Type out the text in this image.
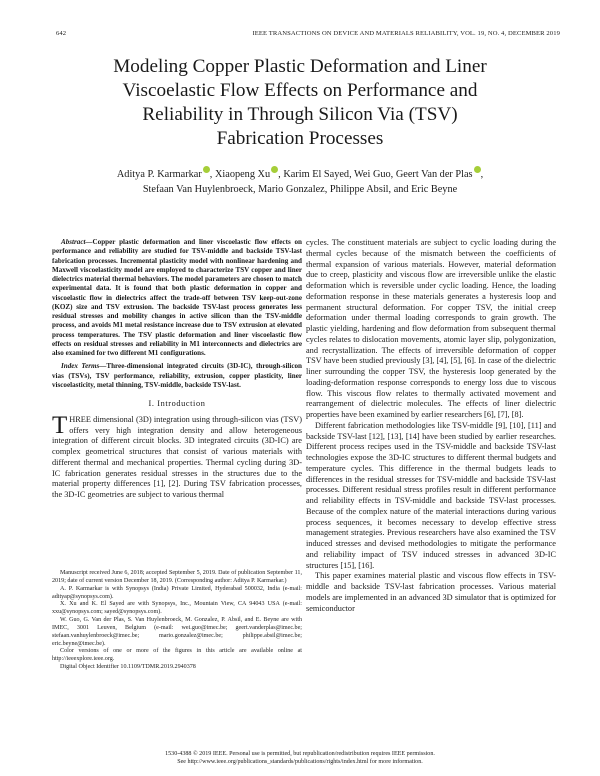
642	IEEE TRANSACTIONS ON DEVICE AND MATERIALS RELIABILITY, VOL. 19, NO. 4, DECEMBER 2019
Modeling Copper Plastic Deformation and Liner
Viscoelastic Flow Effects on Performance and
Reliability in Through Silicon Via (TSV)
Fabrication Processes
Aditya P. Karmarkar , Xiaopeng Xu , Karim El Sayed, Wei Guo, Geert Van der Plas ,
Stefaan Van Huylenbroeck, Mario Gonzalez, Philippe Absil, and Eric Beyne

Abstract—Copper plastic deformation and liner viscoelastic flow effects on performance and reliability are studied for TSV-middle and backside TSV-last fabrication processes. Incremental plasticity model with nonlinear hardening and Maxwell viscoelasticity model are employed to characterize TSV copper and liner dielectrics material thermal behaviors. The model parameters are chosen to match experimental data. It is found that both plastic deformation in copper and viscoelastic flow in dielectrics affect the trade-off between TSV keep-out-zone (KOZ) size and TSV extrusion. The backside TSV-last process generates less residual stresses and mobility changes in active silicon than the TSV-middle process, and avoids M1 metal resistance increase due to TSV extrusion at elevated process temperatures. The TSV plastic deformation and liner viscoelastic flow effects on residual stresses and reliability in M1 interconnects and dielectrics are also examined for two different M1 configurations.

Index Terms—Three-dimensional integrated circuits (3D-IC), through-silicon vias (TSVs), TSV performance, reliability, extrusion, copper plasticity, liner viscoelasticity, metal thinning, TSV-middle, backside TSV-last.

I. Introduction

THREE dimensional (3D) integration using through-silicon vias (TSV) offers very high integration density and allow heterogeneous integration of different circuit blocks. 3D integrated circuits (3D-IC) are complex geometrical structures that consist of various materials with different thermal and mechanical properties. Thermal cycling during 3D-IC fabrication generates residual stresses in the structures due to the material property differences [1], [2]. During TSV fabrication processes, the 3D-IC geometries are subject to various thermal

Manuscript received June 6, 2018; accepted September 5, 2019. Date of publication September 11, 2019; date of current version December 18, 2019. (Corresponding author: Aditya P. Karmarkar.)

A. P. Karmarkar is with Synopsys (India) Private Limited, Hyderabad 500032, India (e-mail: adityap@synopsys.com).

X. Xu and K. El Sayed are with Synopsys, Inc., Mountain View, CA 94043 USA (e-mail: xxu@synopsys.com; sayed@synopsys.com).

W. Guo, G. Van der Plas, S. Van Huylenbroeck, M. Gonzalez, P. Absil, and E. Beyne are with IMEC, 3001 Leuven, Belgium (e-mail: wei.guo@imec.be; geert.vanderplas@imec.be; stefaan.vanhuylenbroeck@imec.be; mario.gonzalez@imec.be; philippe.absil@imec.be; eric.beyne@imec.be).

Color versions of one or more of the figures in this article are available online at http://ieeexplore.ieee.org.

Digital Object Identifier 10.1109/TDMR.2019.2940378

cycles. The constituent materials are subject to cyclic loading during the thermal cycles because of the mismatch between the coefficients of thermal expansion of various materials. However, material deformation due to creep, plasticity and viscous flow are irreversible unlike the elastic deformation which is reversible under cyclic loading. Hence, the loading deformation response in these materials generates a hysteresis loop and permanent structural deformation. For copper TSV, the initial creep deformation under thermal loading corresponds to grain growth. The plastic yielding, hardening and flow deformation from subsequent thermal cycles relates to dislocation movements, atomic layer slip, polygonization, and recrystallization. The effects of irreversible deformation of copper TSV have been studied previously [3], [4], [5], [6]. In case of the dielectric liner surrounding the copper TSV, the hysteresis loop generated by the loading-deformation response corresponds to energy loss due to viscous flow. This viscous flow relates to thermally activated movement and rearrangement of dielectric molecules. The effects of liner dielectric properties have been examined by earlier researchers [6], [7], [8].

Different fabrication methodologies like TSV-middle [9], [10], [11] and backside TSV-last [12], [13], [14] have been studied by earlier researches. Different process recipes used in the TSV-middle and backside TSV-last technologies expose the 3D-IC structures to different thermal budgets and temperature cycles. This difference in the thermal budgets leads to differences in the residual stresses for TSV-middle and backside TSV-last processes. Different residual stress profiles result in different performance and reliability effects in TSV-middle and backside TSV-last processes. Because of the complex nature of the material interactions during various process sequences, it becomes necessary to develop effective stress management strategies. Previous researchers have also examined the TSV induced stresses and devised methodologies to mitigate the performance and reliability impact of TSV induced stresses in advanced 3D-IC structures [15], [16].

This paper examines material plastic and viscous flow effects in TSV-middle and backside TSV-last fabrication processes. Various material models are implemented in an advanced 3D simulator that is optimized for semiconductor

1530-4388 © 2019 IEEE. Personal use is permitted, but republication/redistribution requires IEEE permission.
See http://www.ieee.org/publications_standards/publications/rights/index.html for more information.
